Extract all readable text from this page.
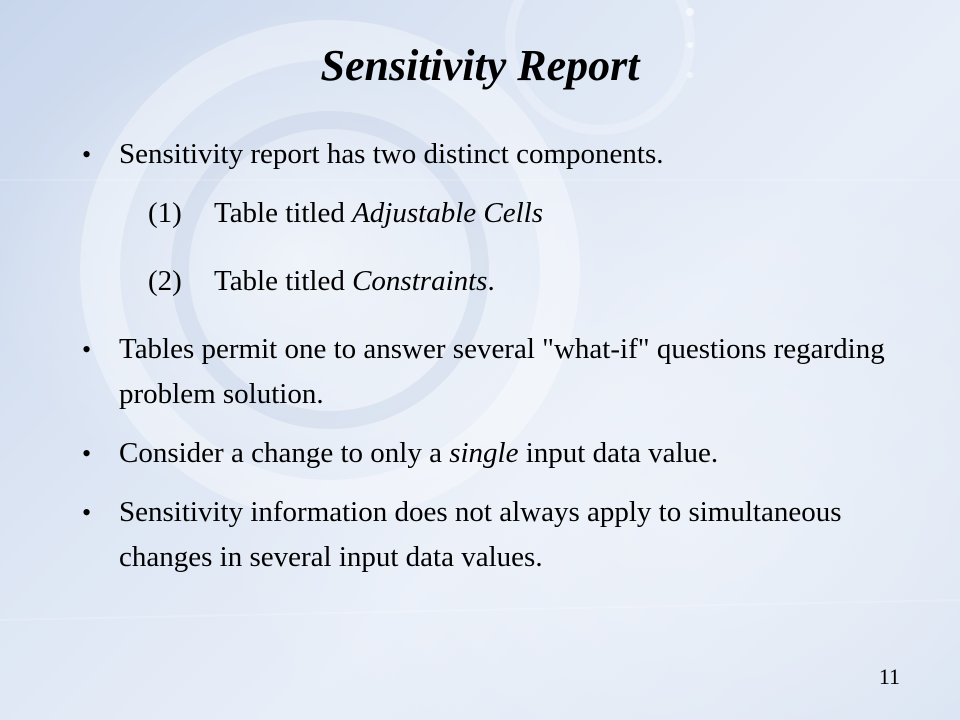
Sensitivity Report
• Sensitivity report has two distinct components.
(1) Table titled Adjustable Cells
(2) Table titled Constraints.
• Tables permit one to answer several "what-if" questions regarding problem solution.
• Consider a change to only a single input data value.
• Sensitivity information does not always apply to simultaneous changes in several input data values.
11
